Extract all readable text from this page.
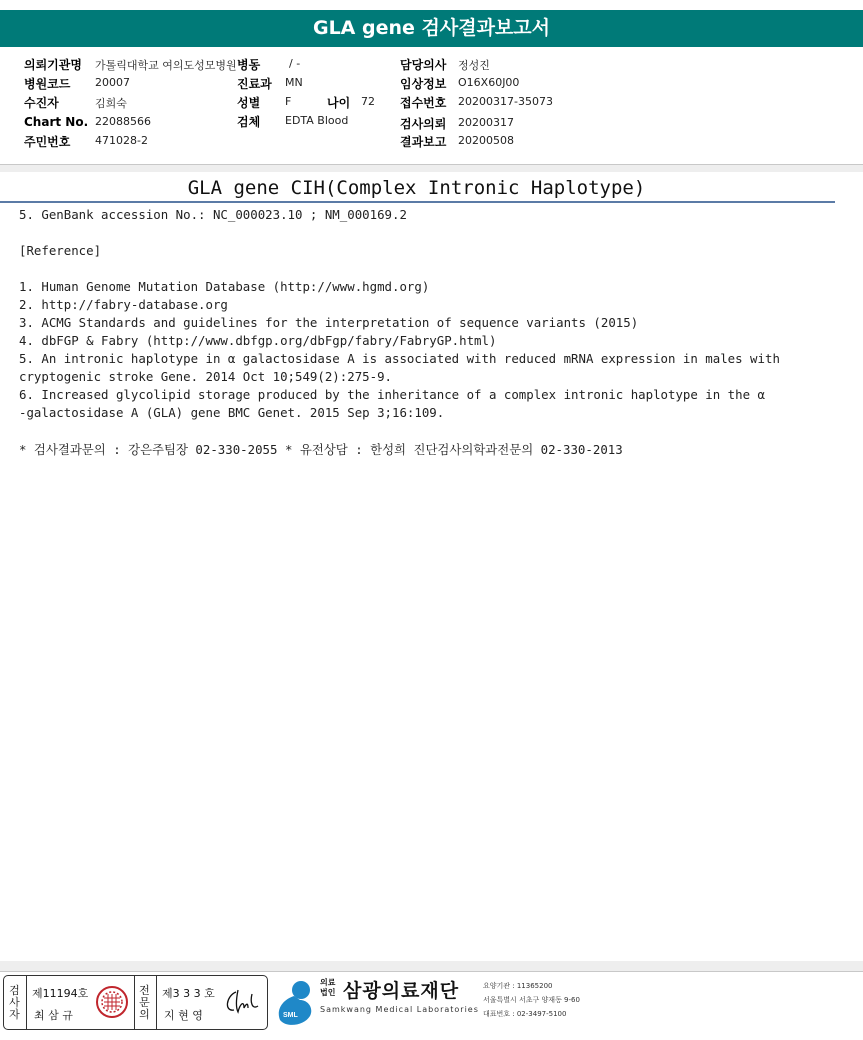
GLA gene 검사결과보고서
의뢰기관명 가톨릭대학교 여의도성모병원 병동	/ -	담당의사 정성진
병원코드 20007	진료과 MN	임상정보 O16X60J00
수진자	김희숙	성별 F	나이 72 접수번호 20200317-35073
Chart No. 22088566	검체 EDTA Blood	검사의뢰 20200317
주민번호 471028-2	결과보고 20200508
GLA gene CIH(Complex Intronic Haplotype)
5. GenBank accession No.: NC_000023.10 ; NM_000169.2
[Reference]
1. Human Genome Mutation Database (http://www.hgmd.org)
2. http://fabry-database.org
3. ACMG Standards and guidelines for the interpretation of sequence variants (2015)
4. dbFGP & Fabry (http://www.dbfgp.org/dbFgp/fabry/FabryGP.html)
5. An intronic haplotype in α galactosidase A is associated with reduced mRNA expression in males with
cryptogenic stroke Gene. 2014 Oct 10;549(2):275-9.
6. Increased glycolipid storage produced by the inheritance of a complex intronic haplotype in the α
-galactosidase A (GLA) gene BMC Genet. 2015 Sep 3;16:109.
* 검사결과문의 : 강은주팀장 02-330-2055 * 유전상담 : 한성희 진단검사의학과전문의 02-330-2013
검사자
제11194호
최 삼 규
전문의
제3 3 3 호
지 현 영	SML
의료법인 삼광의료재단
Samkwang Medical Laboratories
요양기관 : 11365200
서울특별시 서초구 양재동 9-60
대표번호 : 02-3497-5100
